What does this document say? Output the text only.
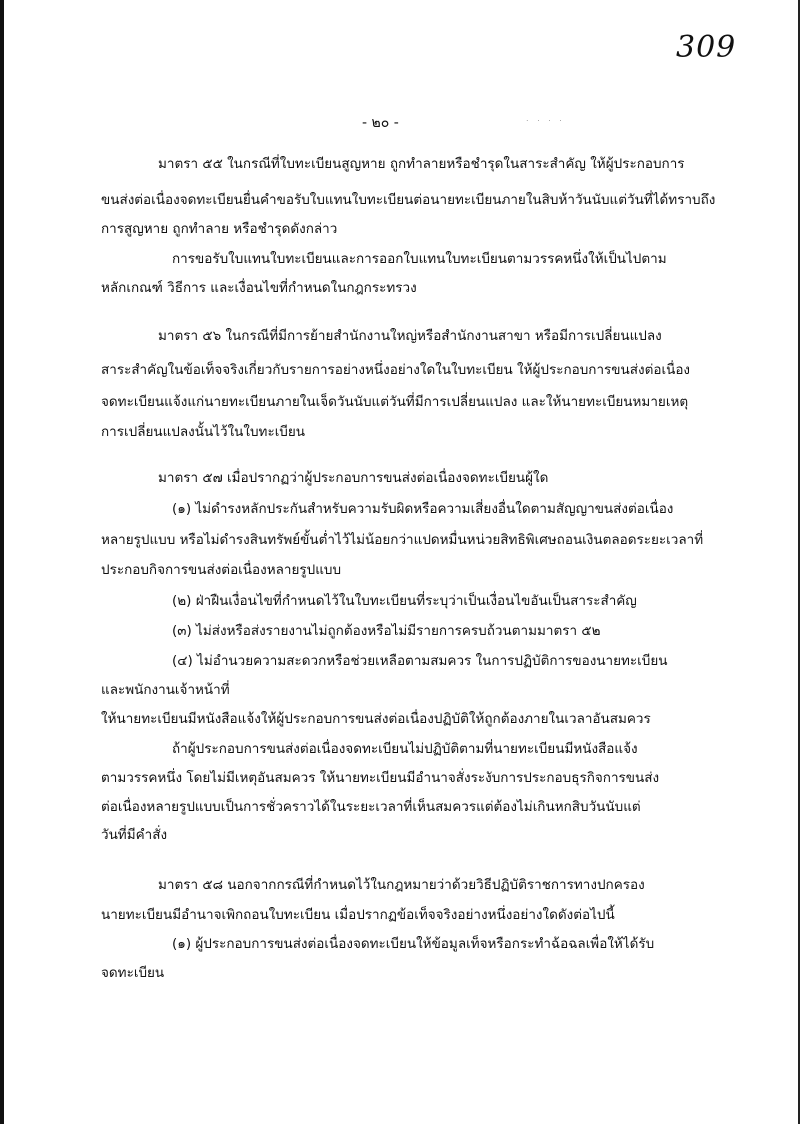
309
- ๒๐ -	. . . .
มาตรา ๕๕ ในกรณีที่ใบทะเบียนสูญหาย ถูกทำลายหรือชำรุดในสาระสำคัญ ให้ผู้ประกอบการ
ขนส่งต่อเนื่องจดทะเบียนยื่นคำขอรับใบแทนใบทะเบียนต่อนายทะเบียนภายในสิบห้าวันนับแต่วันที่ได้ทราบถึง
การสูญหาย ถูกทำลาย หรือชำรุดดังกล่าว
การขอรับใบแทนใบทะเบียนและการออกใบแทนใบทะเบียนตามวรรคหนึ่งให้เป็นไปตาม
หลักเกณฑ์ วิธีการ และเงื่อนไขที่กำหนดในกฎกระทรวง
มาตรา ๕๖ ในกรณีที่มีการย้ายสำนักงานใหญ่หรือสำนักงานสาขา หรือมีการเปลี่ยนแปลง
สาระสำคัญในข้อเท็จจริงเกี่ยวกับรายการอย่างหนึ่งอย่างใดในใบทะเบียน ให้ผู้ประกอบการขนส่งต่อเนื่อง
จดทะเบียนแจ้งแก่นายทะเบียนภายในเจ็ดวันนับแต่วันที่มีการเปลี่ยนแปลง และให้นายทะเบียนหมายเหตุ
การเปลี่ยนแปลงนั้นไว้ในใบทะเบียน
มาตรา ๕๗ เมื่อปรากฏว่าผู้ประกอบการขนส่งต่อเนื่องจดทะเบียนผู้ใด
(๑) ไม่ดำรงหลักประกันสำหรับความรับผิดหรือความเสี่ยงอื่นใดตามสัญญาขนส่งต่อเนื่อง
หลายรูปแบบ หรือไม่ดำรงสินทรัพย์ขั้นต่ำไว้ไม่น้อยกว่าแปดหมื่นหน่วยสิทธิพิเศษถอนเงินตลอดระยะเวลาที่
ประกอบกิจการขนส่งต่อเนื่องหลายรูปแบบ
(๒) ฝ่าฝืนเงื่อนไขที่กำหนดไว้ในใบทะเบียนที่ระบุว่าเป็นเงื่อนไขอันเป็นสาระสำคัญ
(๓) ไม่ส่งหรือส่งรายงานไม่ถูกต้องหรือไม่มีรายการครบถ้วนตามมาตรา ๕๒
(๔) ไม่อำนวยความสะดวกหรือช่วยเหลือตามสมควร ในการปฏิบัติการของนายทะเบียน
และพนักงานเจ้าหน้าที่
ให้นายทะเบียนมีหนังสือแจ้งให้ผู้ประกอบการขนส่งต่อเนื่องปฏิบัติให้ถูกต้องภายในเวลาอันสมควร
ถ้าผู้ประกอบการขนส่งต่อเนื่องจดทะเบียนไม่ปฏิบัติตามที่นายทะเบียนมีหนังสือแจ้ง
ตามวรรคหนึ่ง โดยไม่มีเหตุอันสมควร ให้นายทะเบียนมีอำนาจสั่งระงับการประกอบธุรกิจการขนส่ง
ต่อเนื่องหลายรูปแบบเป็นการชั่วคราวได้ในระยะเวลาที่เห็นสมควรแต่ต้องไม่เกินหกสิบวันนับแต่
วันที่มีคำสั่ง
มาตรา ๕๘ นอกจากกรณีที่กำหนดไว้ในกฎหมายว่าด้วยวิธีปฏิบัติราชการทางปกครอง
นายทะเบียนมีอำนาจเพิกถอนใบทะเบียน เมื่อปรากฏข้อเท็จจริงอย่างหนึ่งอย่างใดดังต่อไปนี้
(๑) ผู้ประกอบการขนส่งต่อเนื่องจดทะเบียนให้ข้อมูลเท็จหรือกระทำฉ้อฉลเพื่อให้ได้รับ
จดทะเบียน
